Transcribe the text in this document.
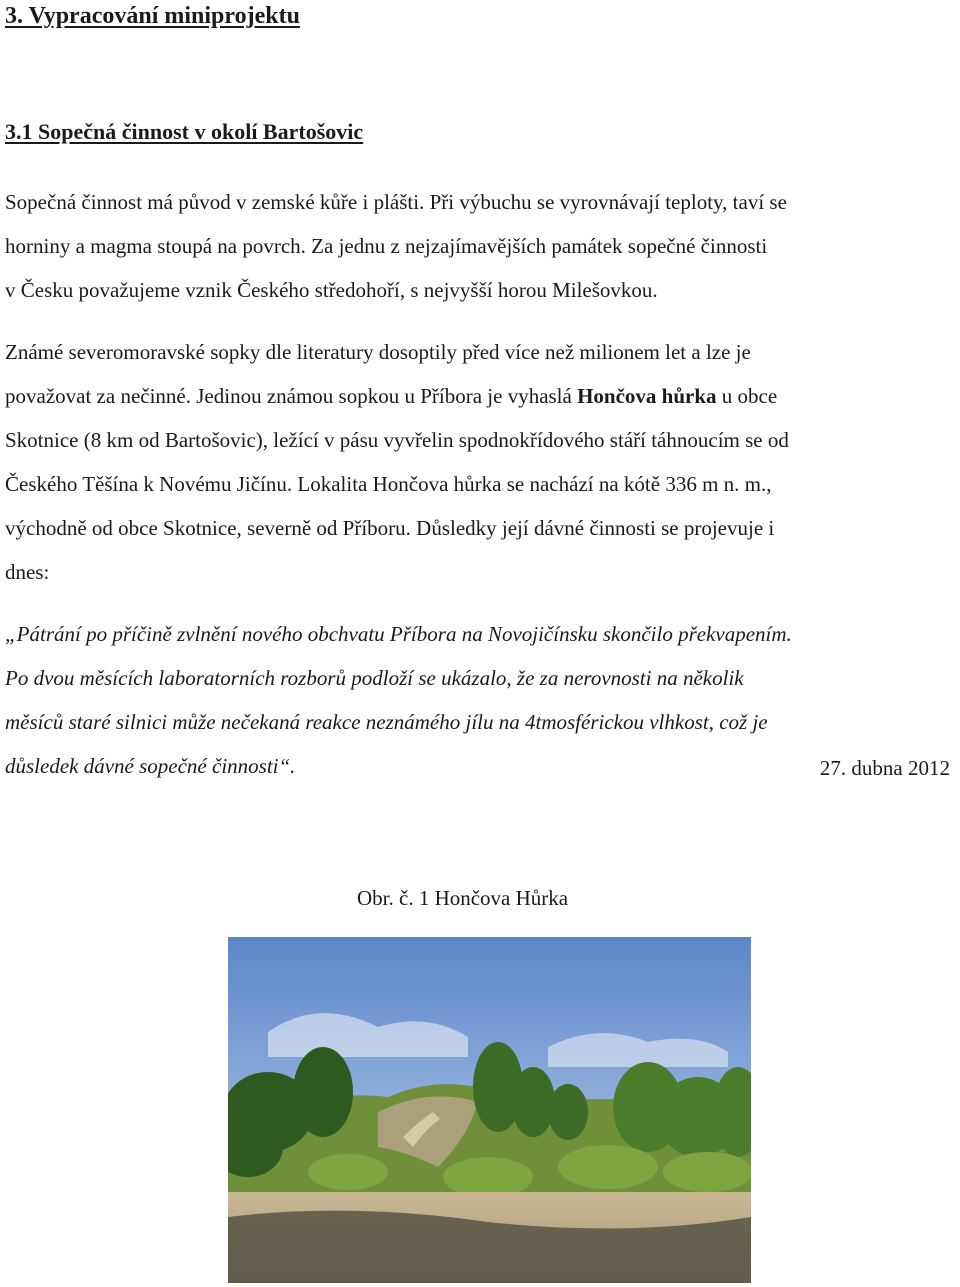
3. Vypracování miniprojektu
3.1 Sopečná činnost v okolí Bartošovic
Sopečná činnost má původ v zemské kůře i plášti. Při výbuchu se vyrovnávají teploty, taví se
horniny a magma stoupá na povrch. Za jednu z nejzajímavějších památek sopečné činnosti
v Česku považujeme vznik Českého středohoří, s nejvyšší horou Milešovkou.
Známé severomoravské sopky dle literatury dosoptily před více než milionem let a lze je
považovat za nečinné. Jedinou známou sopkou u Příbora je vyhaslá Hončova hůrka u obce
Skotnice (8 km od Bartošovic), ležící v pásu vyvřelin spodnokřídového stáří táhnoucím se od
Českého Těšína k Novému Jičínu. Lokalita Hončova hůrka se nachází na kótě 336 m n. m.,
východně od obce Skotnice, severně od Příboru. Důsledky její dávné činnosti se projevuje i
dnes:
„Pátrání po příčině zvlnění nového obchvatu Příbora na Novojičínsku skončilo překvapením.
Po dvou měsících laboratorních rozborů podloží se ukázalo, že za nerovnosti na několik
měsíců staré silnici může nečekaná reakce neznámého jílu na 4tmosférickou vlhkost, což je
důsledek dávné sopečné činnosti“.	27. dubna 2012
Obr. č. 1 Hončova Hůrka
